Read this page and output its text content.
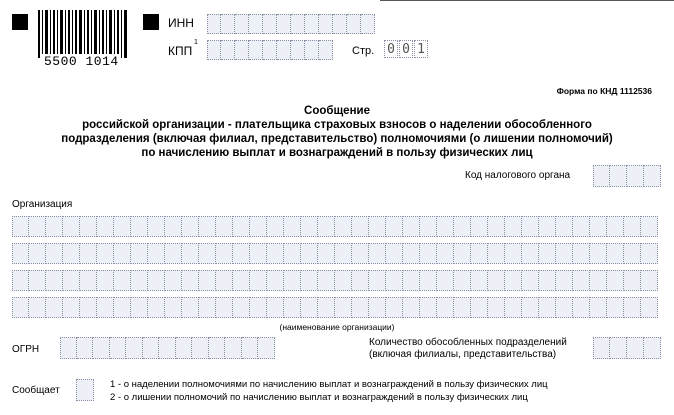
5500 1014
ИНН
КПП
1
Стр. 0 0 1
Форма по КНД 1112536
Сообщение
российской организации - плательщика страховых взносов о наделении обособленного
подразделения (включая филиал, представительство) полномочиями (о лишении полномочий)
по начислению выплат и вознаграждений в пользу физических лиц
Код налогового органа
Организация
(наименование организации)
ОГРН
Количество обособленных подразделений
(включая филиалы, представительства)
Сообщает
1 - о наделении полномочиями по начислению выплат и вознаграждений в пользу физических лиц
2 - о лишении полномочий по начислению выплат и вознаграждений в пользу физических лиц
